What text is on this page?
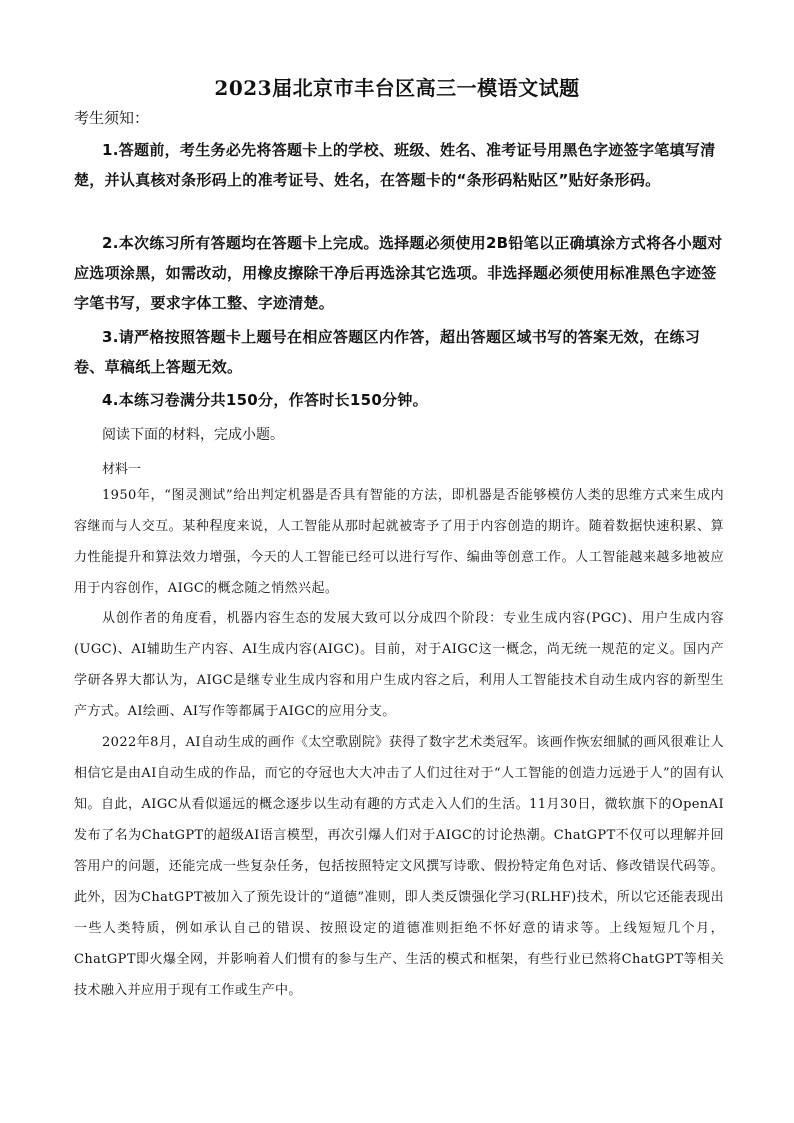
2023届北京市丰台区高三一模语文试题
考生须知：

1.答题前，考生务必先将答题卡上的学校、班级、姓名、准考证号用黑色字迹签字笔填写清楚，并认真核对条形码上的准考证号、姓名，在答题卡的“条形码粘贴区”贴好条形码。

2.本次练习所有答题均在答题卡上完成。选择题必须使用2B铅笔以正确填涂方式将各小题对应选项涂黑，如需改动，用橡皮擦除干净后再选涂其它选项。非选择题必须使用标准黑色字迹签字笔书写，要求字体工整、字迹清楚。

3.请严格按照答题卡上题号在相应答题区内作答，超出答题区域书写的答案无效，在练习卷、草稿纸上答题无效。

4.本练习卷满分共150分，作答时长150分钟。

阅读下面的材料，完成小题。
材料一

1950年，“图灵测试”给出判定机器是否具有智能的方法，即机器是否能够模仿人类的思维方式来生成内容继而与人交互。某种程度来说，人工智能从那时起就被寄予了用于内容创造的期许。随着数据快速积累、算力性能提升和算法效力增强，今天的人工智能已经可以进行写作、编曲等创意工作。人工智能越来越多地被应用于内容创作，AIGC的概念随之悄然兴起。

从创作者的角度看，机器内容生态的发展大致可以分成四个阶段：专业生成内容(PGC)、用户生成内容(UGC)、AI辅助生产内容、AI生成内容(AIGC)。目前，对于AIGC这一概念，尚无统一规范的定义。国内产学研各界大都认为，AIGC是继专业生成内容和用户生成内容之后，利用人工智能技术自动生成内容的新型生产方式。AI绘画、AI写作等都属于AIGC的应用分支。

2022年8月，AI自动生成的画作《太空歌剧院》获得了数字艺术类冠军。该画作恢宏细腻的画风很难让人相信它是由AI自动生成的作品，而它的夺冠也大大冲击了人们过往对于“人工智能的创造力远逊于人”的固有认知。自此，AIGC从看似遥远的概念逐步以生动有趣的方式走入人们的生活。11月30日，微软旗下的OpenAI发布了名为ChatGPT的超级AI语言模型，再次引爆人们对于AIGC的讨论热潮。ChatGPT不仅可以理解并回答用户的问题，还能完成一些复杂任务，包括按照特定文风撰写诗歌、假扮特定角色对话、修改错误代码等。此外，因为ChatGPT被加入了预先设计的“道德”准则，即人类反馈强化学习(RLHF)技术，所以它还能表现出一些人类特质，例如承认自己的错误、按照设定的道德准则拒绝不怀好意的请求等。上线短短几个月，ChatGPT即火爆全网，并影响着人们惯有的参与生产、生活的模式和框架，有些行业已然将ChatGPT等相关技术融入并应用于现有工作或生产中。
